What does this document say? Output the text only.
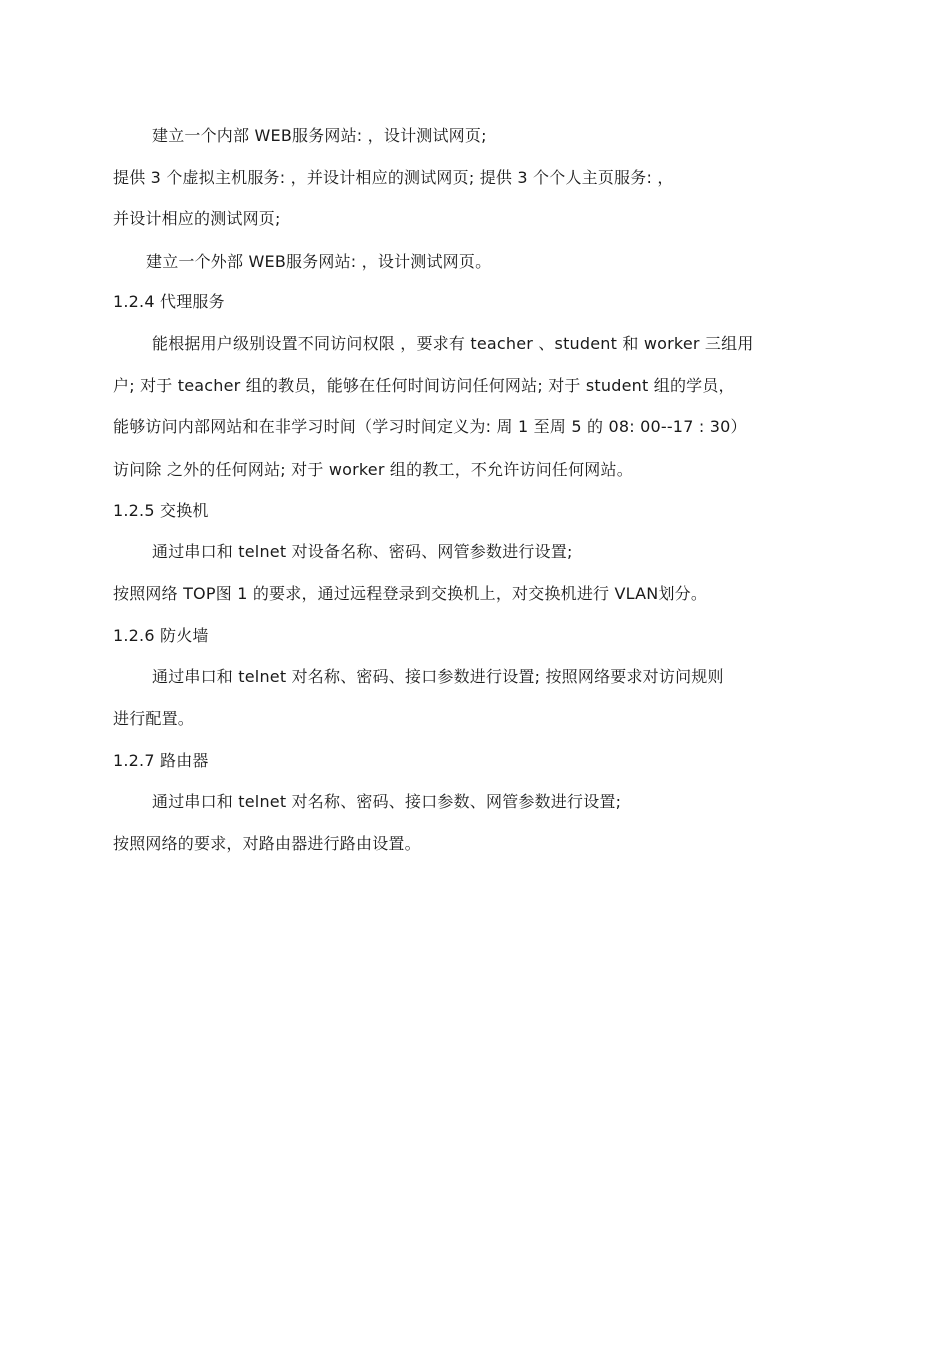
建立一个内部 WEB服务网站: ，设计测试网页;
提供 3 个虚拟主机服务: ，并设计相应的测试网页; 提供 3 个个人主页服务: ，
并设计相应的测试网页;
建立一个外部 WEB服务网站: ，设计测试网页。
1.2.4 代理服务
能根据用户级别设置不同访问权限 ，要求有 teacher 、student 和 worker 三组用
户; 对于 teacher 组的教员，能够在任何时间访问任何网站; 对于 student 组的学员，
能够访问内部网站和在非学习时间（学习时间定义为: 周 1 至周 5 的 08: 00--17 : 30）
访问除 之外的任何网站; 对于 worker 组的教工，不允许访问任何网站。
1.2.5 交换机
通过串口和 telnet 对设备名称、密码、网管参数进行设置;
按照网络 TOP图 1 的要求，通过远程登录到交换机上，对交换机进行 VLAN划分。
1.2.6 防火墙
通过串口和 telnet 对名称、密码、接口参数进行设置; 按照网络要求对访问规则
进行配置。
1.2.7 路由器
通过串口和 telnet 对名称、密码、接口参数、网管参数进行设置;
按照网络的要求，对路由器进行路由设置。
